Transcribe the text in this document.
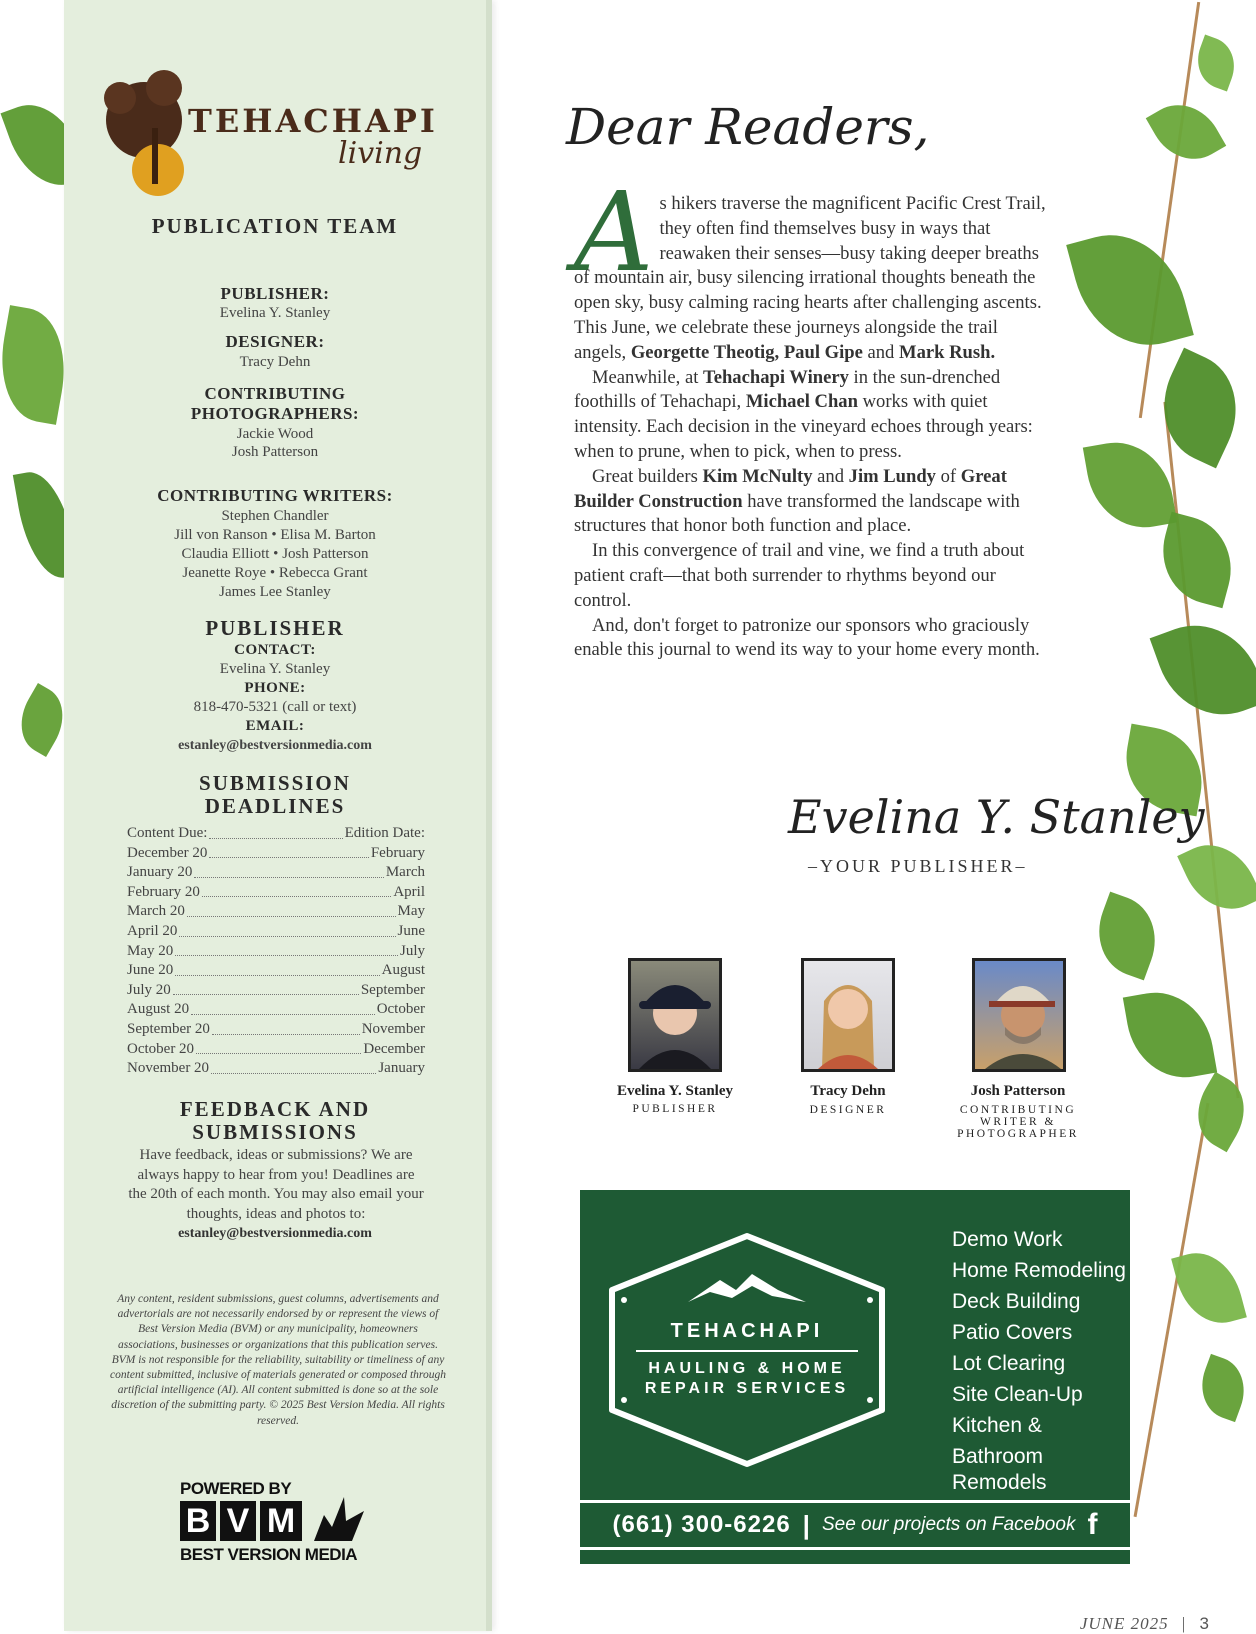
TEHACHAPI
living
PUBLICATION TEAM
PUBLISHER:
Evelina Y. Stanley
DESIGNER:
Tracy Dehn
CONTRIBUTING
PHOTOGRAPHERS:
Jackie Wood
Josh Patterson
CONTRIBUTING WRITERS:
Stephen Chandler
Jill von Ranson • Elisa M. Barton
Claudia Elliott • Josh Patterson
Jeanette Roye • Rebecca Grant
James Lee Stanley
PUBLISHER
CONTACT:
Evelina Y. Stanley
PHONE:
818-470-5321 (call or text)
EMAIL:
estanley@bestversionmedia.com
SUBMISSION
DEADLINES
Content Due:	Edition Date:
December 20	February
January 20	March
February 20	April
March 20	May
April 20	June
May 20	July
June 20	August
July 20	September
August 20	October
September 20	November
October 20	December
November 20	January
FEEDBACK AND
SUBMISSIONS
Have feedback, ideas or submissions? We are always happy to hear from you! Deadlines are the 20th of each month. You may also email your thoughts, ideas and photos to:
estanley@bestversionmedia.com
Any content, resident submissions, guest columns, advertisements and advertorials are not necessarily endorsed by or represent the views of Best Version Media (BVM) or any municipality, homeowners associations, businesses or organizations that this publication serves. BVM is not responsible for the reliability, suitability or timeliness of any content submitted, inclusive of materials generated or composed through artificial intelligence (AI). All content submitted is done so at the sole discretion of the submitting party. © 2025 Best Version Media. All rights reserved.
POWERED BY
B V M
BEST VERSION MEDIA
Dear Readers,

As hikers traverse the magnificent Pacific Crest Trail, they often find themselves busy in ways that reawaken their senses—busy taking deeper breaths of mountain air, busy silencing irrational thoughts beneath the open sky, busy calming racing hearts after challenging ascents. This June, we celebrate these journeys alongside the trail angels, Georgette Theotig, Paul Gipe and Mark Rush.

Meanwhile, at Tehachapi Winery in the sun-drenched foothills of Tehachapi, Michael Chan works with quiet intensity. Each decision in the vineyard echoes through years: when to prune, when to pick, when to press.

Great builders Kim McNulty and Jim Lundy of Great Builder Construction have transformed the landscape with structures that honor both function and place.

In this convergence of trail and vine, we find a truth about patient craft—that both surrender to rhythms beyond our control.

And, don't forget to patronize our sponsors who graciously enable this journal to wend its way to your home every month.

Evelina Y. Stanley
–YOUR PUBLISHER–
Evelina Y. Stanley
PUBLISHER
Tracy Dehn
DESIGNER
Josh Patterson
CONTRIBUTING
WRITER &
PHOTOGRAPHER
TEHACHAPI
HAULING & HOME
REPAIR SERVICES
Demo Work
Home Remodeling
Deck Building
Patio Covers
Lot Clearing
Site Clean-Up
Kitchen & Bathroom
Remodels
(661) 300-6226 | See our projects on Facebook f
JUNE 2025 | 3
